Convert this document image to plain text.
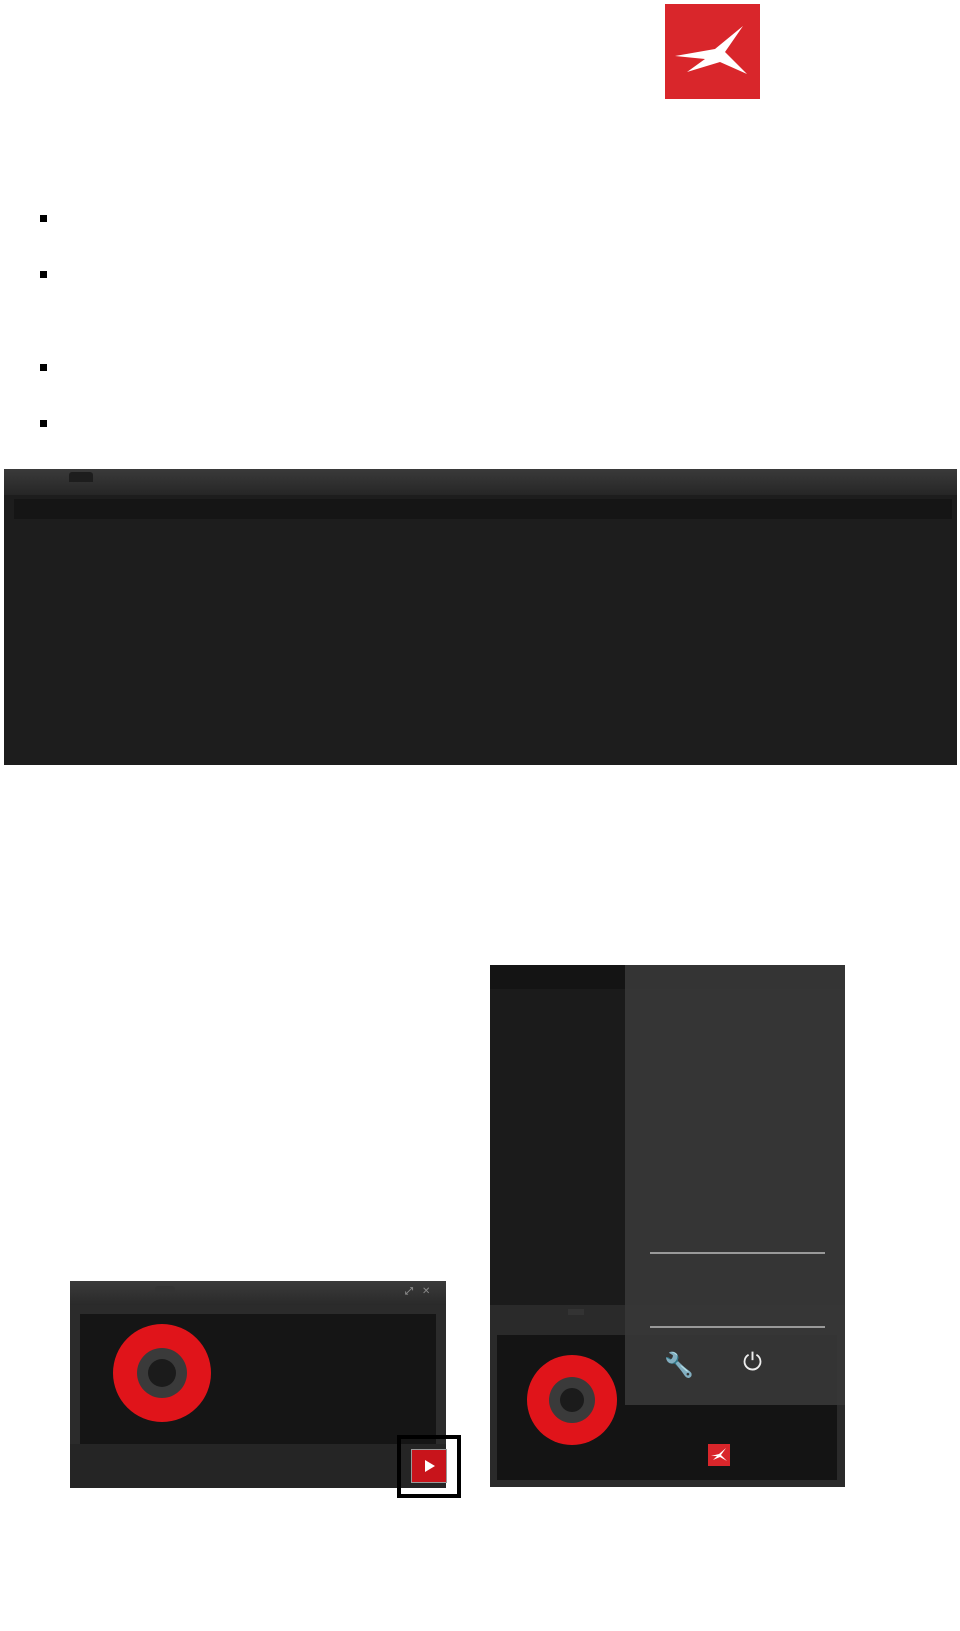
⤢ ✕
🔧 ⏻
